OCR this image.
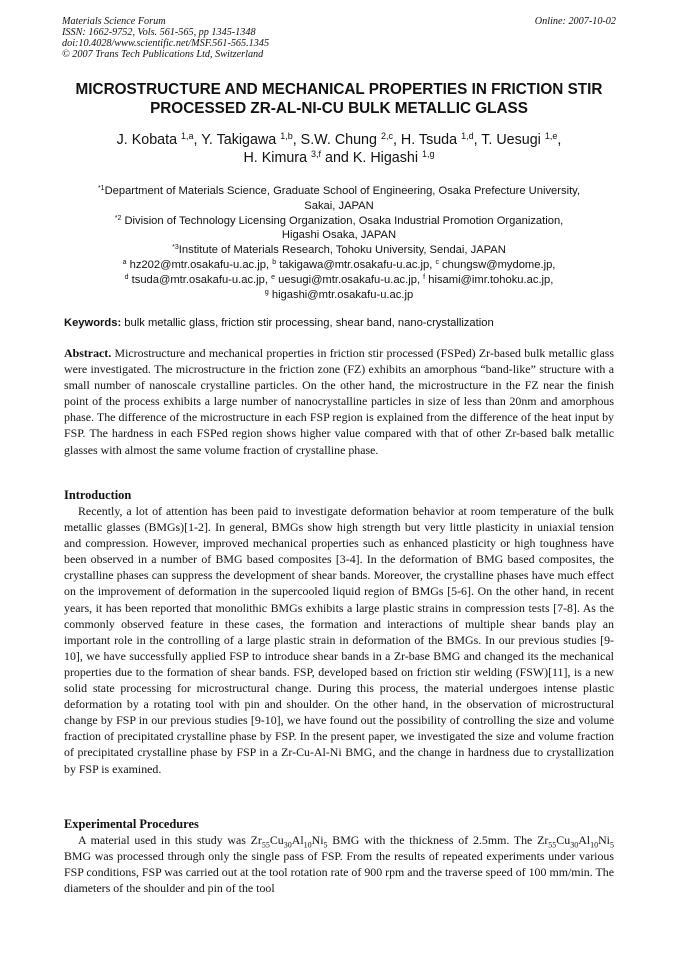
Materials Science Forum
ISSN: 1662-9752, Vols. 561-565, pp 1345-1348
doi:10.4028/www.scientific.net/MSF.561-565.1345
© 2007 Trans Tech Publications Ltd, Switzerland
Online: 2007-10-02
MICROSTRUCTURE AND MECHANICAL PROPERTIES IN FRICTION STIR
PROCESSED ZR-AL-NI-CU BULK METALLIC GLASS
J. Kobata $^{1,a}$, Y. Takigawa $^{1,b}$, S.W. Chung $^{2,c}$, H. Tsuda $^{1,d}$, T. Uesugi $^{1,e}$,
H. Kimura $^{3,f}$ and K. Higashi $^{1,g}$
$^{*1}$Department of Materials Science, Graduate School of Engineering, Osaka Prefecture University,
Sakai, JAPAN
$^{*2}$ Division of Technology Licensing Organization, Osaka Industrial Promotion Organization,
Higashi Osaka, JAPAN
$^{*3}$Institute of Materials Research, Tohoku University, Sendai, JAPAN
$^a$ hz202@mtr.osakafu-u.ac.jp, $^b$ takigawa@mtr.osakafu-u.ac.jp, $^c$ chungsw@mydome.jp,
$^d$ tsuda@mtr.osakafu-u.ac.jp, $^e$ uesugi@mtr.osakafu-u.ac.jp, $^f$ hisami@imr.tohoku.ac.jp,
$^g$ higashi@mtr.osakafu-u.ac.jp
Keywords: bulk metallic glass, friction stir processing, shear band, nano-crystallization

Abstract. Microstructure and mechanical properties in friction stir processed (FSPed) Zr-based bulk metallic glass were investigated. The microstructure in the friction zone (FZ) exhibits an amorphous “band-like” structure with a small number of nanoscale crystalline particles. On the other hand, the microstructure in the FZ near the finish point of the process exhibits a large number of nanocrystalline particles in size of less than 20nm and amorphous phase. The difference of the microstructure in each FSP region is explained from the difference of the heat input by FSP. The hardness in each FSPed region shows higher value compared with that of other Zr-based balk metallic glasses with almost the same volume fraction of crystalline phase.

Introduction

Recently, a lot of attention has been paid to investigate deformation behavior at room temperature of the bulk metallic glasses (BMGs)[1-2]. In general, BMGs show high strength but very little plasticity in uniaxial tension and compression. However, improved mechanical properties such as enhanced plasticity or high toughness have been observed in a number of BMG based composites [3-4]. In the deformation of BMG based composites, the crystalline phases can suppress the development of shear bands. Moreover, the crystalline phases have much effect on the improvement of deformation in the supercooled liquid region of BMGs [5-6]. On the other hand, in recent years, it has been reported that monolithic BMGs exhibits a large plastic strains in compression tests [7-8]. As the commonly observed feature in these cases, the formation and interactions of multiple shear bands play an important role in the controlling of a large plastic strain in deformation of the BMGs. In our previous studies [9-10], we have successfully applied FSP to introduce shear bands in a Zr-base BMG and changed its the mechanical properties due to the formation of shear bands. FSP, developed based on friction stir welding (FSW)[11], is a new solid state processing for microstructural change. During this process, the material undergoes intense plastic deformation by a rotating tool with pin and shoulder. On the other hand, in the observation of microstructural change by FSP in our previous studies [9-10], we have found out the possibility of controlling the size and volume fraction of precipitated crystalline phase by FSP. In the present paper, we investigated the size and volume fraction of precipitated crystalline phase by FSP in a Zr-Cu-Al-Ni BMG, and the change in hardness due to crystallization by FSP is examined.

Experimental Procedures

A material used in this study was $Zr_{55}Cu_{30}Al_{10}Ni_5$ BMG with the thickness of 2.5mm. The $Zr_{55}Cu_{30}Al_{10}Ni_5$ BMG was processed through only the single pass of FSP. From the results of repeated experiments under various FSP conditions, FSP was carried out at the tool rotation rate of 900 rpm and the traverse speed of 100 mm/min. The diameters of the shoulder and pin of the tool
